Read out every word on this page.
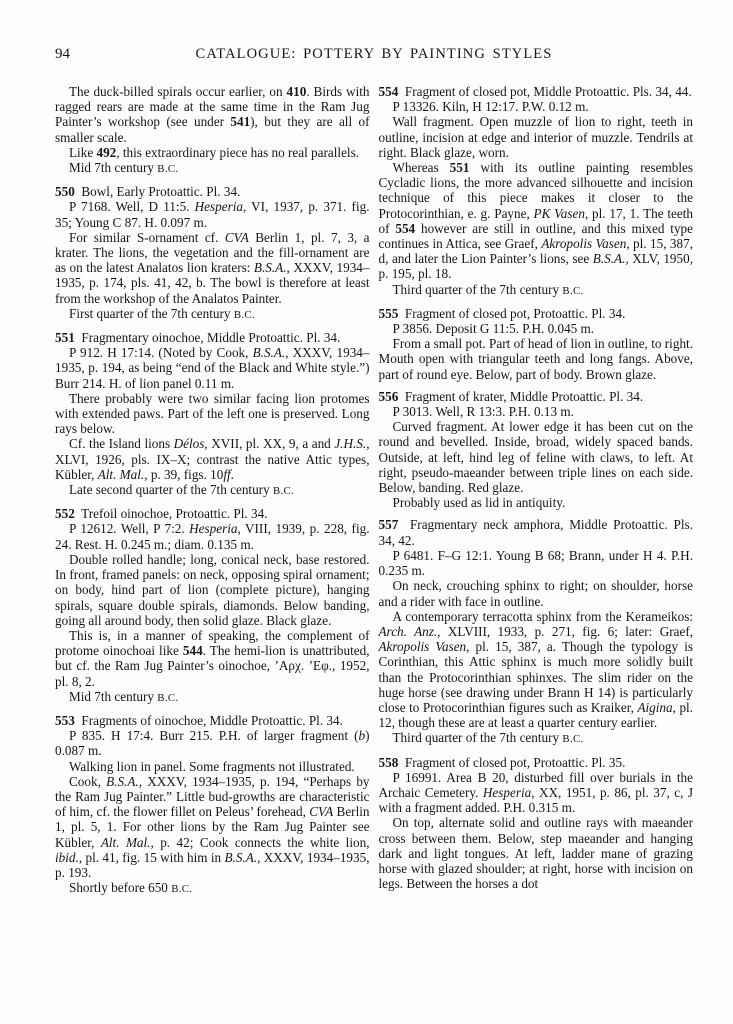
94	CATALOGUE: POTTERY BY PAINTING STYLES

The duck-billed spirals occur earlier, on 410. Birds with ragged rears are made at the same time in the Ram Jug Painter’s workshop (see under 541), but they are all of smaller scale.

Like 492, this extraordinary piece has no real parallels.

Mid 7th century B.C.

550  Bowl, Early Protoattic. Pl. 34.

P 7168. Well, D 11:5. Hesperia, VI, 1937, p. 371. fig. 35; Young C 87. H. 0.097 m.

For similar S-ornament cf. CVA Berlin 1, pl. 7, 3, a krater. The lions, the vegetation and the fill-ornament are as on the latest Analatos lion kraters: B.S.A., XXXV, 1934–1935, p. 174, pls. 41, 42, b. The bowl is therefore at least from the workshop of the Analatos Painter.

First quarter of the 7th century B.C.

551  Fragmentary oinochoe, Middle Protoattic. Pl. 34.

P 912. H 17:14. (Noted by Cook, B.S.A., XXXV, 1934–1935, p. 194, as being “end of the Black and White style.”) Burr 214. H. of lion panel 0.11 m.

There probably were two similar facing lion protomes with extended paws. Part of the left one is preserved. Long rays below.

Cf. the Island lions Délos, XVII, pl. XX, 9, a and J.H.S., XLVI, 1926, pls. IX–X; contrast the native Attic types, Kübler, Alt. Mal., p. 39, figs. 10ff.

Late second quarter of the 7th century B.C.

552  Trefoil oinochoe, Protoattic. Pl. 34.

P 12612. Well, P 7:2. Hesperia, VIII, 1939, p. 228, fig. 24. Rest. H. 0.245 m.; diam. 0.135 m.

Double rolled handle; long, conical neck, base restored. In front, framed panels: on neck, opposing spiral ornament; on body, hind part of lion (complete picture), hanging spirals, square double spirals, diamonds. Below banding, going all around body, then solid glaze. Black glaze.

This is, in a manner of speaking, the complement of protome oinochoai like 544. The hemi-lion is unattributed, but cf. the Ram Jug Painter’s oinochoe, ’Αρχ. ’Εφ., 1952, pl. 8, 2.

Mid 7th century B.C.

553  Fragments of oinochoe, Middle Protoattic. Pl. 34.

P 835. H 17:4. Burr 215. P.H. of larger fragment (b) 0.087 m.

Walking lion in panel. Some fragments not illustrated.

Cook, B.S.A., XXXV, 1934–1935, p. 194, “Perhaps by the Ram Jug Painter.” Little bud-growths are characteristic of him, cf. the flower fillet on Peleus’ forehead, CVA Berlin 1, pl. 5, 1. For other lions by the Ram Jug Painter see Kübler, Alt. Mal., p. 42; Cook connects the white lion, ibid., pl. 41, fig. 15 with him in B.S.A., XXXV, 1934–1935, p. 193.

Shortly before 650 B.C.

554  Fragment of closed pot, Middle Protoattic. Pls. 34, 44.

P 13326. Kiln, H 12:17. P.W. 0.12 m.

Wall fragment. Open muzzle of lion to right, teeth in outline, incision at edge and interior of muzzle. Tendrils at right. Black glaze, worn.

Whereas 551 with its outline painting resembles Cycladic lions, the more advanced silhouette and incision technique of this piece makes it closer to the Protocorinthian, e. g. Payne, PK Vasen, pl. 17, 1. The teeth of 554 however are still in outline, and this mixed type continues in Attica, see Graef, Akropolis Vasen, pl. 15, 387, d, and later the Lion Painter’s lions, see B.S.A., XLV, 1950, p. 195, pl. 18.

Third quarter of the 7th century B.C.

555  Fragment of closed pot, Protoattic. Pl. 34.

P 3856. Deposit G 11:5. P.H. 0.045 m.

From a small pot. Part of head of lion in outline, to right. Mouth open with triangular teeth and long fangs. Above, part of round eye. Below, part of body. Brown glaze.

556  Fragment of krater, Middle Protoattic. Pl. 34.

P 3013. Well, R 13:3. P.H. 0.13 m.

Curved fragment. At lower edge it has been cut on the round and bevelled. Inside, broad, widely spaced bands. Outside, at left, hind leg of feline with claws, to left. At right, pseudo-maeander between triple lines on each side. Below, banding. Red glaze.

Probably used as lid in antiquity.

557  Fragmentary neck amphora, Middle Protoattic. Pls. 34, 42.

P 6481. F–G 12:1. Young B 68; Brann, under H 4. P.H. 0.235 m.

On neck, crouching sphinx to right; on shoulder, horse and a rider with face in outline.

A contemporary terracotta sphinx from the Kerameikos: Arch. Anz., XLVIII, 1933, p. 271, fig. 6; later: Graef, Akropolis Vasen, pl. 15, 387, a. Though the typology is Corinthian, this Attic sphinx is much more solidly built than the Protocorinthian sphinxes. The slim rider on the huge horse (see drawing under Brann H 14) is particularly close to Protocorinthian figures such as Kraiker, Aigina, pl. 12, though these are at least a quarter century earlier.

Third quarter of the 7th century B.C.

558  Fragment of closed pot, Protoattic. Pl. 35.

P 16991. Area B 20, disturbed fill over burials in the Archaic Cemetery. Hesperia, XX, 1951, p. 86, pl. 37, c, J with a fragment added. P.H. 0.315 m.

On top, alternate solid and outline rays with maeander cross between them. Below, step maeander and hanging dark and light tongues. At left, ladder mane of grazing horse with glazed shoulder; at right, horse with incision on legs. Between the horses a dot
